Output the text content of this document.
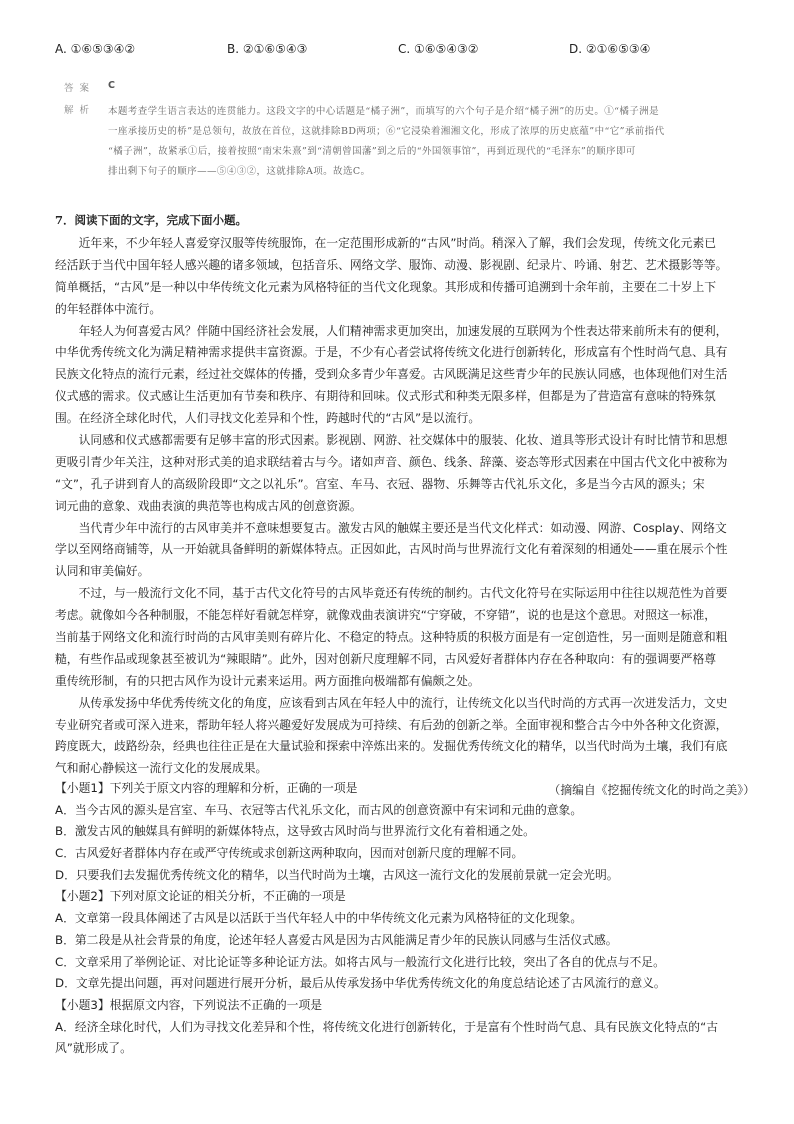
A. ①⑥⑤③④②	B. ②①⑥⑤④③	C. ①⑥⑤④③②	D. ②①⑥⑤③④
答案 C
解析 本题考查学生语言表达的连贯能力。这段文字的中心话题是“橘子洲”，而填写的六个句子是介绍“橘子洲”的历史。①“橘子洲是
一座承接历史的桥”是总领句，故放在首位，这就排除BD两项；⑥“它浸染着湘湘文化，形成了浓厚的历史底蕴”中“它”承前指代
“橘子洲”，故紧承①后，接着按照“南宋朱熹”到“清朝曾国藩”到之后的“外国领事馆”，再到近现代的“毛泽东”的顺序即可
排出剩下句子的顺序——⑤④③②，这就排除A项。故选C。
7．阅读下面的文字，完成下面小题。
　　近年来，不少年轻人喜爱穿汉服等传统服饰，在一定范围形成新的“古风”时尚。稍深入了解，我们会发现，传统文化元素已
经活跃于当代中国年轻人感兴趣的诸多领域，包括音乐、网络文学、服饰、动漫、影视剧、纪录片、吟诵、射艺、艺术摄影等等。
简单概括，“古风”是一种以中华传统文化元素为风格特征的当代文化现象。其形成和传播可追溯到十余年前，主要在二十岁上下
的年轻群体中流行。
　　年轻人为何喜爱古风？伴随中国经济社会发展，人们精神需求更加突出，加速发展的互联网为个性表达带来前所未有的便利，
中华优秀传统文化为满足精神需求提供丰富资源。于是，不少有心者尝试将传统文化进行创新转化，形成富有个性时尚气息、具有
民族文化特点的流行元素，经过社交媒体的传播，受到众多青少年喜爱。古风既满足这些青少年的民族认同感，也体现他们对生活
仪式感的需求。仪式感让生活更加有节奏和秩序、有期待和回味。仪式形式和种类无限多样，但都是为了营造富有意味的特殊氛
围。在经济全球化时代，人们寻找文化差异和个性，跨越时代的“古风”是以流行。
　　认同感和仪式感都需要有足够丰富的形式因素。影视剧、网游、社交媒体中的服装、化妆、道具等形式设计有时比情节和思想
更吸引青少年关注，这种对形式美的追求联结着古与今。诸如声音、颜色、线条、辞藻、姿态等形式因素在中国古代文化中被称为
“文”，孔子讲到育人的高级阶段即“文之以礼乐”。宫室、车马、衣冠、器物、乐舞等古代礼乐文化，多是当今古风的源头；宋
词元曲的意象、戏曲表演的典范等也构成古风的创意资源。
　　当代青少年中流行的古风审美并不意味想要复古。激发古风的触媒主要还是当代文化样式：如动漫、网游、Cosplay、网络文
学以至网络商铺等，从一开始就具备鲜明的新媒体特点。正因如此，古风时尚与世界流行文化有着深刻的相通处——重在展示个性
认同和审美偏好。
　　不过，与一般流行文化不同，基于古代文化符号的古风毕竟还有传统的制约。古代文化符号在实际运用中往往以规范性为首要
考虑。就像如今各种制服，不能怎样好看就怎样穿，就像戏曲表演讲究“宁穿破，不穿错”，说的也是这个意思。对照这一标准，
当前基于网络文化和流行时尚的古风审美则有碎片化、不稳定的特点。这种特质的积极方面是有一定创造性，另一面则是随意和粗
糙，有些作品或现象甚至被讥为“辣眼睛”。此外，因对创新尺度理解不同，古风爱好者群体内存在各种取向：有的强调要严格尊
重传统形制，有的只把古风作为设计元素来运用。两方面推向极端都有偏颇之处。
　　从传承发扬中华优秀传统文化的角度，应该看到古风在年轻人中的流行，让传统文化以当代时尚的方式再一次迸发活力，文史
专业研究者或可深入进来，帮助年轻人将兴趣爱好发展成为可持续、有后劲的创新之举。全面审视和整合古今中外各种文化资源，
跨度既大，歧路纷杂，经典也往往正是在大量试验和探索中淬炼出来的。发掘优秀传统文化的精华，以当代时尚为土壤，我们有底
气和耐心静候这一流行文化的发展成果。
（摘编自《挖掘传统文化的时尚之美》）
【小题1】下列关于原文内容的理解和分析，正确的一项是
A．当今古风的源头是宫室、车马、衣冠等古代礼乐文化，而古风的创意资源中有宋词和元曲的意象。
B．激发古风的触媒具有鲜明的新媒体特点，这导致古风时尚与世界流行文化有着相通之处。
C．古风爱好者群体内存在或严守传统或求创新这两种取向，因而对创新尺度的理解不同。
D．只要我们去发掘优秀传统文化的精华，以当代时尚为土壤，古风这一流行文化的发展前景就一定会光明。
【小题2】下列对原文论证的相关分析，不正确的一项是
A．文章第一段具体阐述了古风是以活跃于当代年轻人中的中华传统文化元素为风格特征的文化现象。
B．第二段是从社会背景的角度，论述年轻人喜爱古风是因为古风能满足青少年的民族认同感与生活仪式感。
C．文章采用了举例论证、对比论证等多种论证方法。如将古风与一般流行文化进行比较，突出了各自的优点与不足。
D．文章先提出问题，再对问题进行展开分析，最后从传承发扬中华优秀传统文化的角度总结论述了古风流行的意义。
【小题3】根据原文内容，下列说法不正确的一项是
A．经济全球化时代，人们为寻找文化差异和个性，将传统文化进行创新转化，于是富有个性时尚气息、具有民族文化特点的“古
风”就形成了。
